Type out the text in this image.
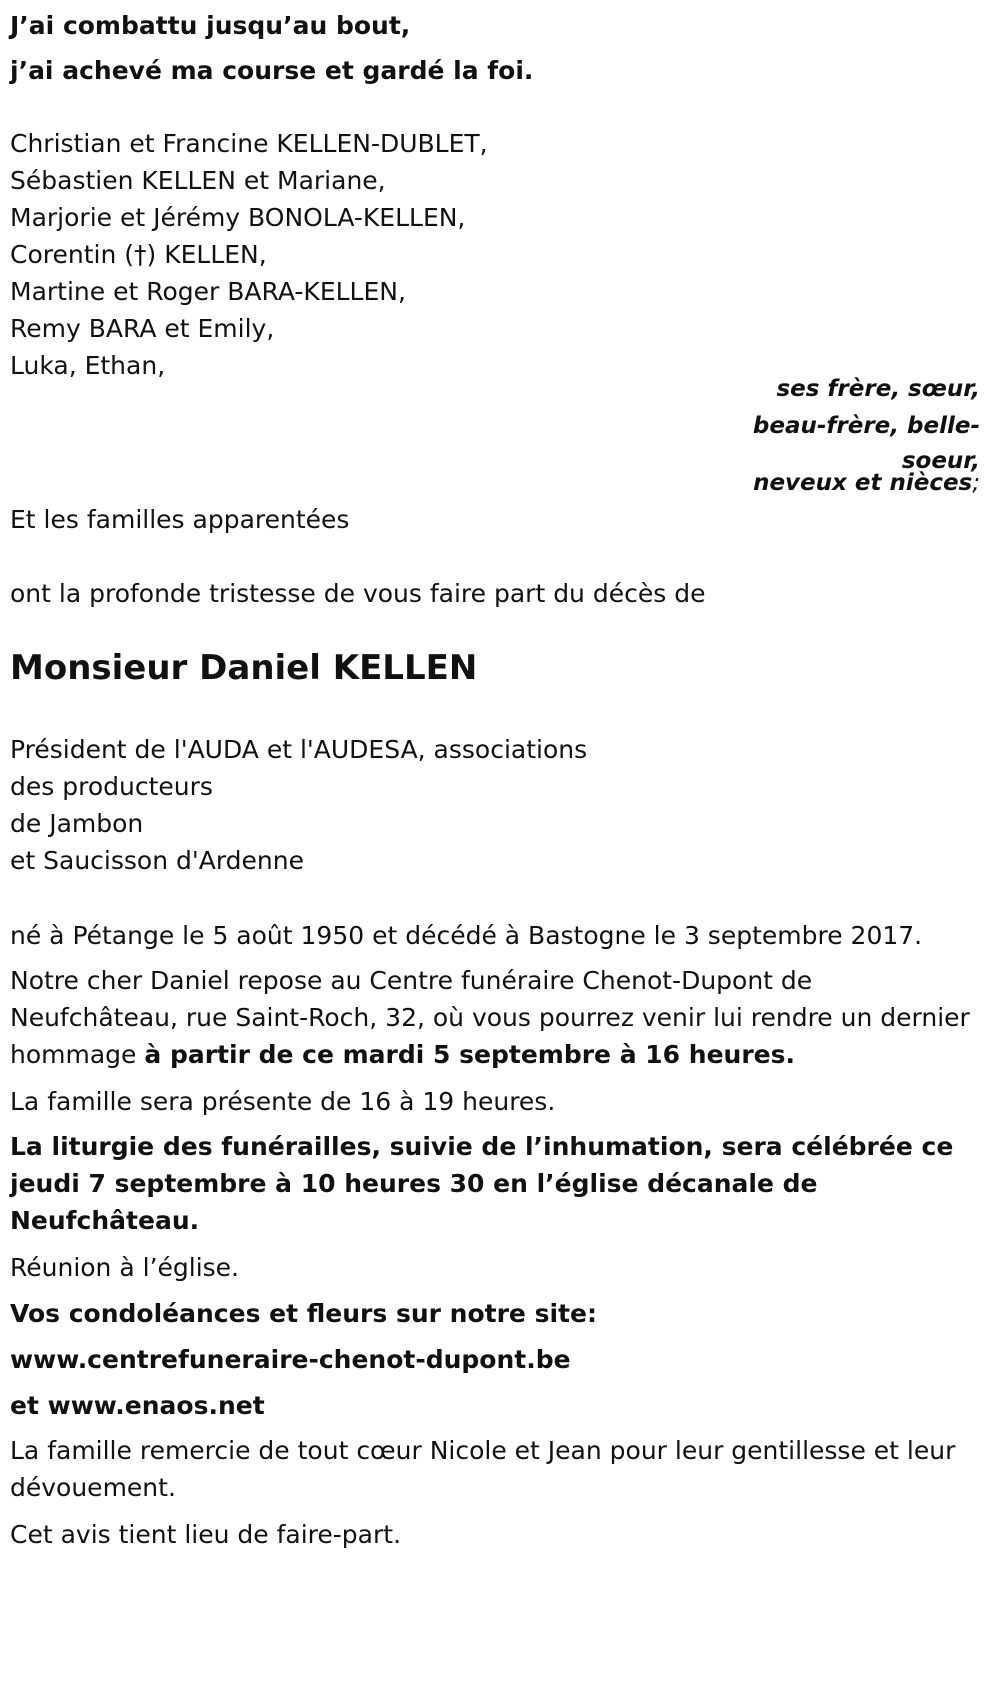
J’ai combattu jusqu’au bout,
j’ai achevé ma course et gardé la foi.
Christian et Francine KELLEN-DUBLET,
Sébastien KELLEN et Mariane,
Marjorie et Jérémy BONOLA-KELLEN,
Corentin (†) KELLEN,
Martine et Roger BARA-KELLEN,
Remy BARA et Emily,
Luka, Ethan,
ses frère, sœur,
beau-frère, belle-
soeur,
neveux et nièces;
Et les familles apparentées
ont la profonde tristesse de vous faire part du décès de
Monsieur Daniel KELLEN
Président de l'AUDA et l'AUDESA, associations
des producteurs
de Jambon
et Saucisson d'Ardenne
né à Pétange le 5 août 1950 et décédé à Bastogne le 3 septembre 2017.
Notre cher Daniel repose au Centre funéraire Chenot-Dupont de Neufchâteau, rue Saint-Roch, 32, où vous pourrez venir lui rendre un dernier hommage à partir de ce mardi 5 septembre à 16 heures.
La famille sera présente de 16 à 19 heures.
La liturgie des funérailles, suivie de l’inhumation, sera célébrée ce jeudi 7 septembre à 10 heures 30 en l’église décanale de Neufchâteau.
Réunion à l’église.
Vos condoléances et fleurs sur notre site:
www.centrefuneraire-chenot-dupont.be
et www.enaos.net
La famille remercie de tout cœur Nicole et Jean pour leur gentillesse et leur dévouement.
Cet avis tient lieu de faire-part.
